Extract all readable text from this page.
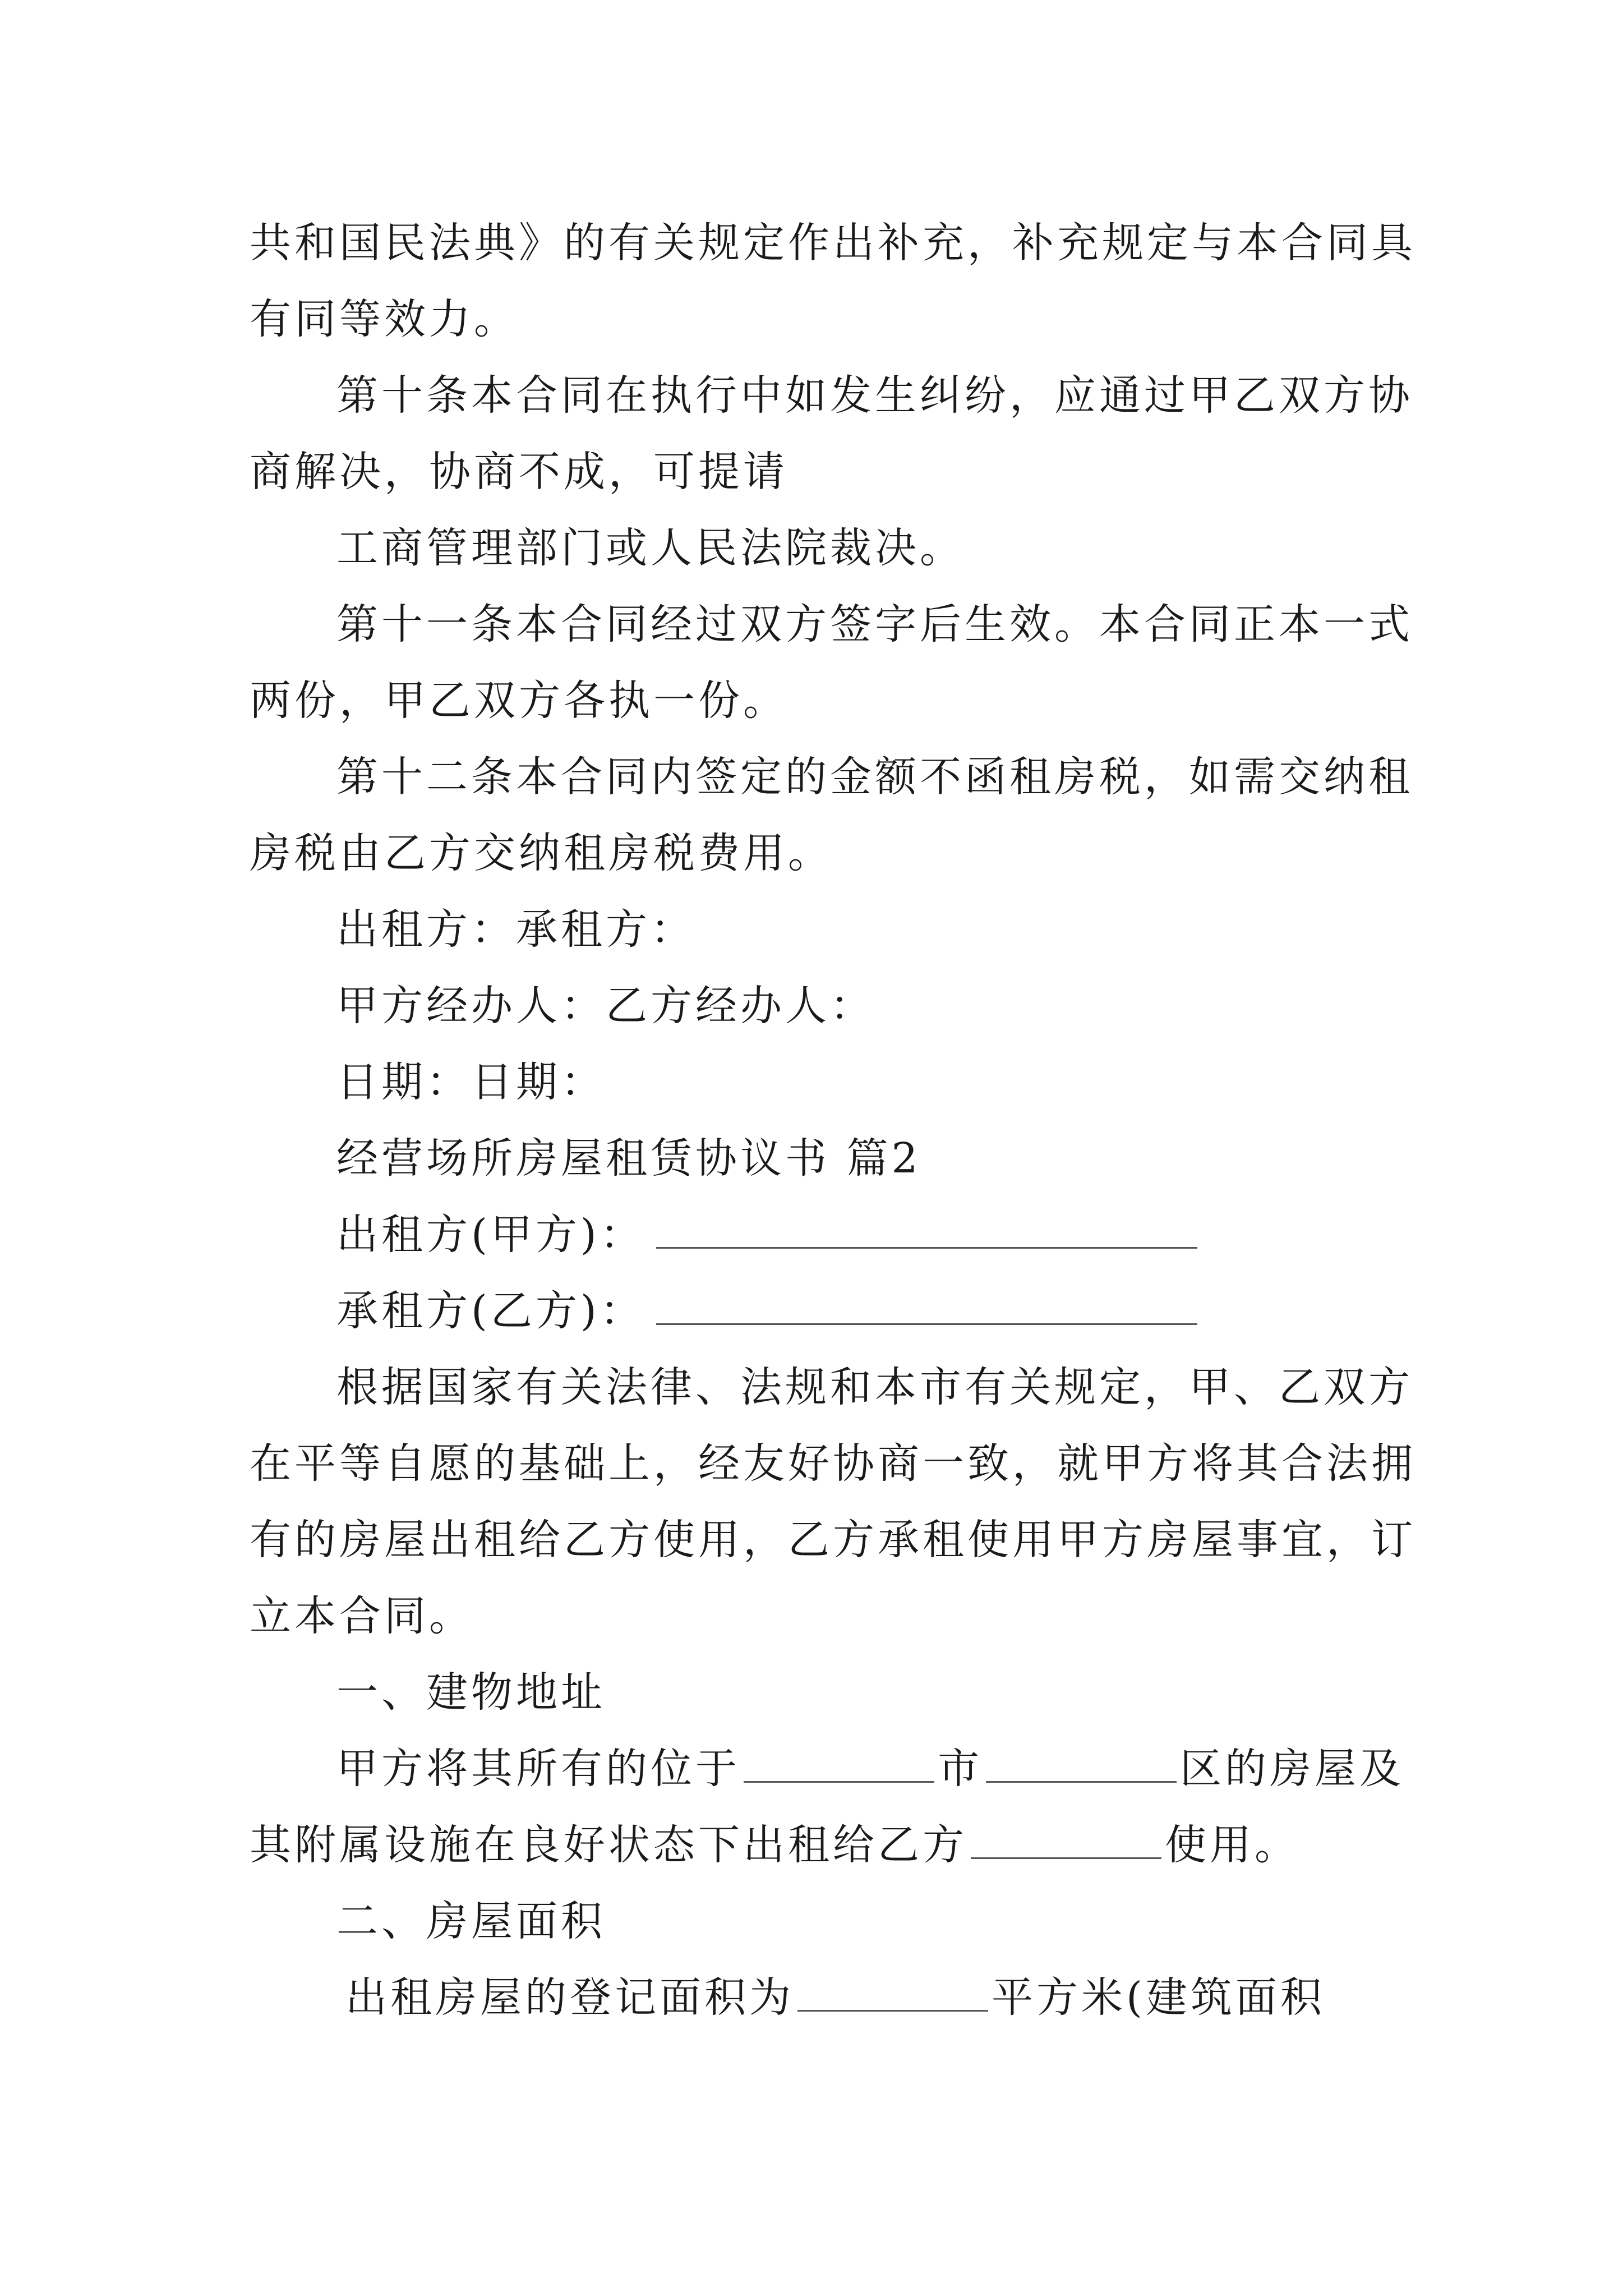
共和国民法典》的有关规定作出补充，补充规定与本合同具

有同等效力。

第十条本合同在执行中如发生纠纷，应通过甲乙双方协

商解决，协商不成，可提请

工商管理部门或人民法院裁决。

第十一条本合同经过双方签字后生效。本合同正本一式

两份，甲乙双方各执一份。

第十二条本合同内签定的金额不函租房税，如需交纳租

房税由乙方交纳租房税费用。

出租方：承租方：

甲方经办人：乙方经办人：

日期：日期：

经营场所房屋租赁协议书 篇2

出租方(甲方)：

承租方(乙方)：

根据国家有关法律、法规和本市有关规定，甲、乙双方

在平等自愿的基础上，经友好协商一致，就甲方将其合法拥

有的房屋出租给乙方使用，乙方承租使用甲方房屋事宜，订

立本合同。

一、建物地址

甲方将其所有的位于	市	区的房屋及

其附属设施在良好状态下出租给乙方	使用。

二、房屋面积

出租房屋的登记面积为	平方米(建筑面积
